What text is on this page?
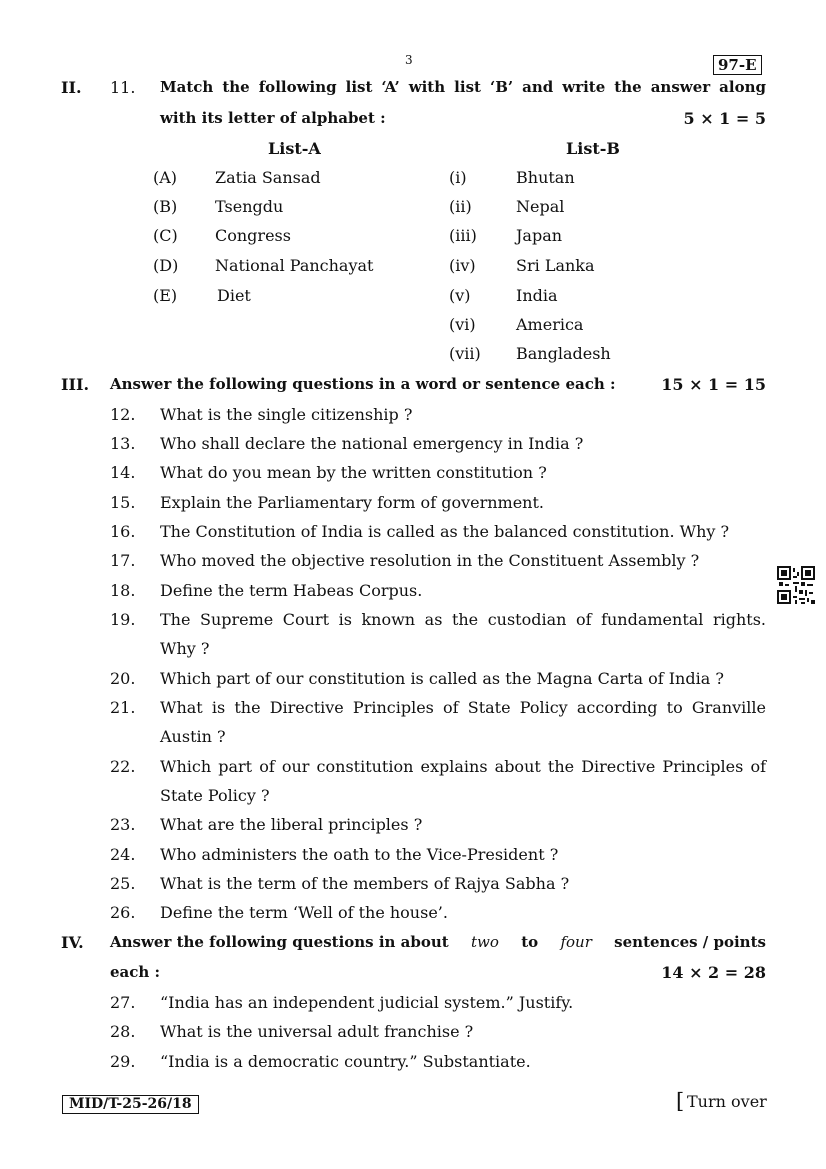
3	97-E
II. 11. Match the following list ‘A’ with list ‘B’ and write the answer along
with its letter of alphabet :	5 × 1 = 5
List-A	List-B
(A) Zatia Sansad
(B) Tsengdu
(C) Congress
(D) National Panchayat
(E) Diet
(i)	Bhutan
(ii)	Nepal
(iii) Japan
(iv)	Sri Lanka
(v)	India
(vi)	America
(vii) Bangladesh
III. Answer the following questions in a word or sentence each :	15 × 1 = 15
12. What is the single citizenship ?
13. Who shall declare the national emergency in India ?
14. What do you mean by the written constitution ?
15. Explain the Parliamentary form of government.
16. The Constitution of India is called as the balanced constitution. Why ?
17. Who moved the objective resolution in the Constituent Assembly ?
18. Define the term Habeas Corpus.
19. The Supreme Court is known as the custodian of fundamental rights.
Why ?
20. Which part of our constitution is called as the Magna Carta of India ?
21. What is the Directive Principles of State Policy according to Granville
Austin ?
22. Which part of our constitution explains about the Directive Principles of
State Policy ?
23. What are the liberal principles ?
24. Who administers the oath to the Vice-President ?
25. What is the term of the members of Rajya Sabha ?
26. Define the term ‘Well of the house’.
IV. Answer the following questions in about two to four sentences / points
each :	14 × 2 = 28
27. “India has an independent judicial system.” Justify.
28. What is the universal adult franchise ?
29. “India is a democratic country.” Substantiate.
MID/T-25-26/18	[ Turn over
